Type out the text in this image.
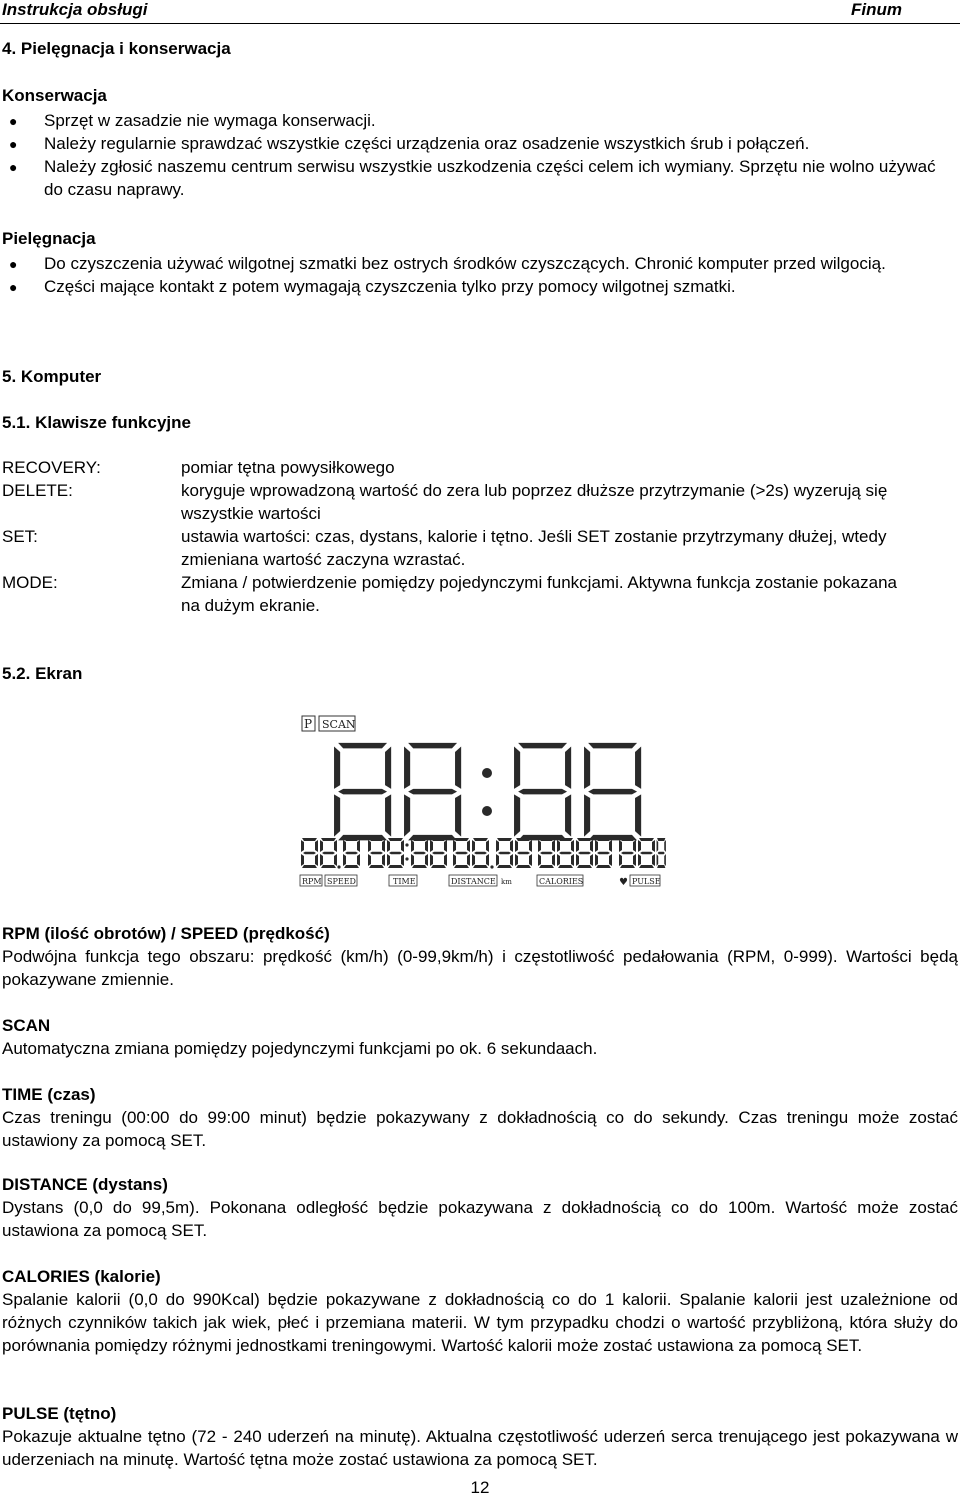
Instrukcja obsługi	Finum
4. Pielęgnacja i konserwacja
Konserwacja
● Sprzęt w zasadzie nie wymaga konserwacji.
● Należy regularnie sprawdzać wszystkie części urządzenia oraz osadzenie wszystkich śrub i połączeń.
● Należy zgłosić naszemu centrum serwisu wszystkie uszkodzenia części celem ich wymiany. Sprzętu nie wolno używać do czasu naprawy.
Pielęgnacja
● Do czyszczenia używać wilgotnej szmatki bez ostrych środków czyszczących. Chronić komputer przed wilgocią.
● Części mające kontakt z potem wymagają czyszczenia tylko przy pomocy wilgotnej szmatki.
5. Komputer
5.1. Klawisze funkcyjne
RECOVERY:	pomiar tętna powysiłkowego
DELETE:	koryguje wprowadzoną wartość do zera lub poprzez dłuższe przytrzymanie (>2s) wyzerują się wszystkie wartości
SET:	ustawia wartości: czas, dystans, kalorie i tętno. Jeśli SET zostanie przytrzymany dłużej, wtedy zmieniana wartość zaczyna wzrastać.
MODE:	Zmiana / potwierdzenie pomiędzy pojedynczymi funkcjami. Aktywna funkcja zostanie pokazana na dużym ekranie.
5.2. Ekran
P SCAN
RPM SPEED	TIME	DISTANCE km	CALORIES	♥ PULSE
RPM (ilość obrotów) / SPEED (prędkość)
Podwójna funkcja tego obszaru: prędkość (km/h) (0-99,9km/h) i częstotliwość pedałowania (RPM, 0-999). Wartości będą pokazywane zmiennie.
SCAN
Automatyczna zmiana pomiędzy pojedynczymi funkcjami po ok. 6 sekundaach.
TIME (czas)
Czas treningu (00:00 do 99:00 minut) będzie pokazywany z dokładnością co do sekundy. Czas treningu może zostać ustawiony za pomocą SET.
DISTANCE (dystans)
Dystans (0,0 do 99,5m). Pokonana odległość będzie pokazywana z dokładnością co do 100m. Wartość może zostać ustawiona za pomocą SET.
CALORIES (kalorie)
Spalanie kalorii (0,0 do 990Kcal) będzie pokazywane z dokładnością co do 1 kalorii. Spalanie kalorii jest uzależnione od różnych czynników takich jak wiek, płeć i przemiana materii. W tym przypadku chodzi o wartość przybliżoną, która służy do porównania pomiędzy różnymi jednostkami treningowymi. Wartość kalorii może zostać ustawiona za pomocą SET.
PULSE (tętno)
Pokazuje aktualne tętno (72 - 240 uderzeń na minutę). Aktualna częstotliwość uderzeń serca trenującego jest pokazywana w uderzeniach na minutę. Wartość tętna może zostać ustawiona za pomocą SET.
12
